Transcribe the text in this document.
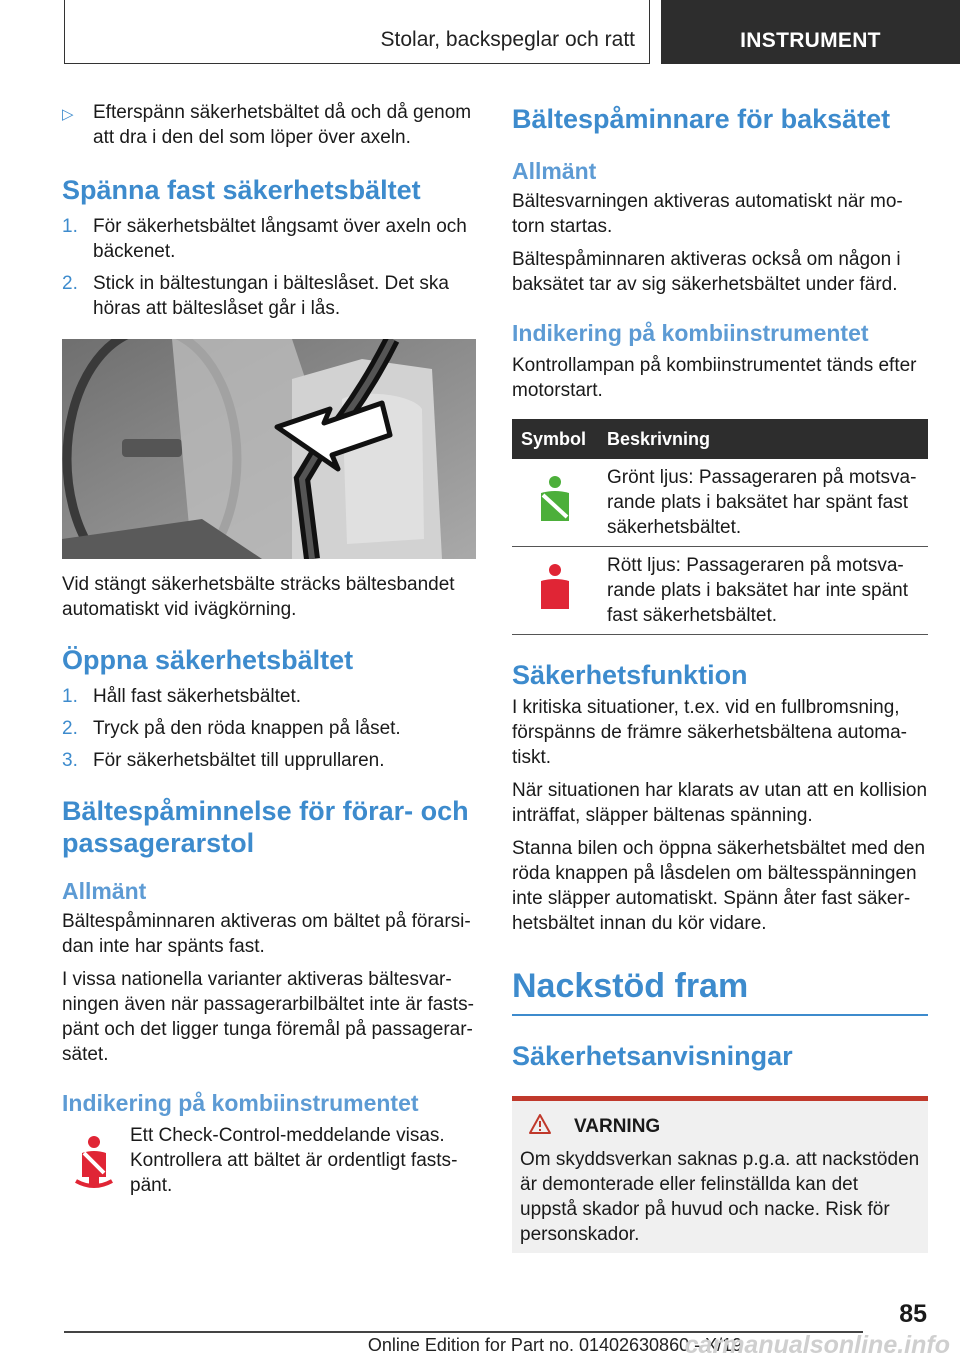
Stolar, backspeglar och ratt	INSTRUMENT
▷	Efterspänn säkerhetsbältet då och då genom att dra i den del som löper över axeln.
Spänna fast säkerhetsbältet
1. För säkerhetsbältet långsamt över axeln och bäckenet.
2. Stick in bältestungan i bälteslåset. Det ska höras att bälteslåset går i lås.

Vid stängt säkerhetsbälte sträcks bältesbandet automatiskt vid ivägkörning.

Öppna säkerhetsbältet
1. Håll fast säkerhetsbältet.
2. Tryck på den röda knappen på låset.
3. För säkerhetsbältet till upprullaren.
Bältespåminnelse för förar- och passagerarstol
Allmänt

Bältespåminnaren aktiveras om bältet på förarsidan inte har spänts fast.

I vissa nationella varianter aktiveras bältesvarningen även när passagerarbilbältet inte är fastspänt och det ligger tunga föremål på passagerarsätet.

Indikering på kombiinstrumentet

Ett Check-Control-meddelande visas. Kontrollera att bältet är ordentligt fastspänt.

Bältespåminnare för baksätet
Allmänt

Bältesvarningen aktiveras automatiskt när motorn startas.

Bältespåminnaren aktiveras också om någon i baksätet tar av sig säkerhetsbältet under färd.

Indikering på kombiinstrumentet

Kontrollampan på kombiinstrumentet tänds efter motorstart.

Symbol	Beskrivning
Grönt ljus: Passageraren på motsvarande plats i baksätet har spänt fast säkerhetsbältet.
Rött ljus: Passageraren på motsvarande plats i baksätet har inte spänt fast säkerhetsbältet.
Säkerhetsfunktion

I kritiska situationer, t.ex. vid en fullbromsning, förspänns de främre säkerhetsbältena automatiskt.

När situationen har klarats av utan att en kollision inträffat, släpper bältenas spänning.

Stanna bilen och öppna säkerhetsbältet med den röda knappen på låsdelen om bältesspänningen inte släpper automatiskt. Spänn åter fast säkerhetsbältet innan du kör vidare.

Nackstöd fram
Säkerhetsanvisningar
VARNING

Om skyddsverkan saknas p.g.a. att nackstöden är demonterade eller felinställda kan det uppstå skador på huvud och nacke. Risk för personskador.

85
Online Edition for Part no. 01402630860 - X/19
carmanualsonline.info
